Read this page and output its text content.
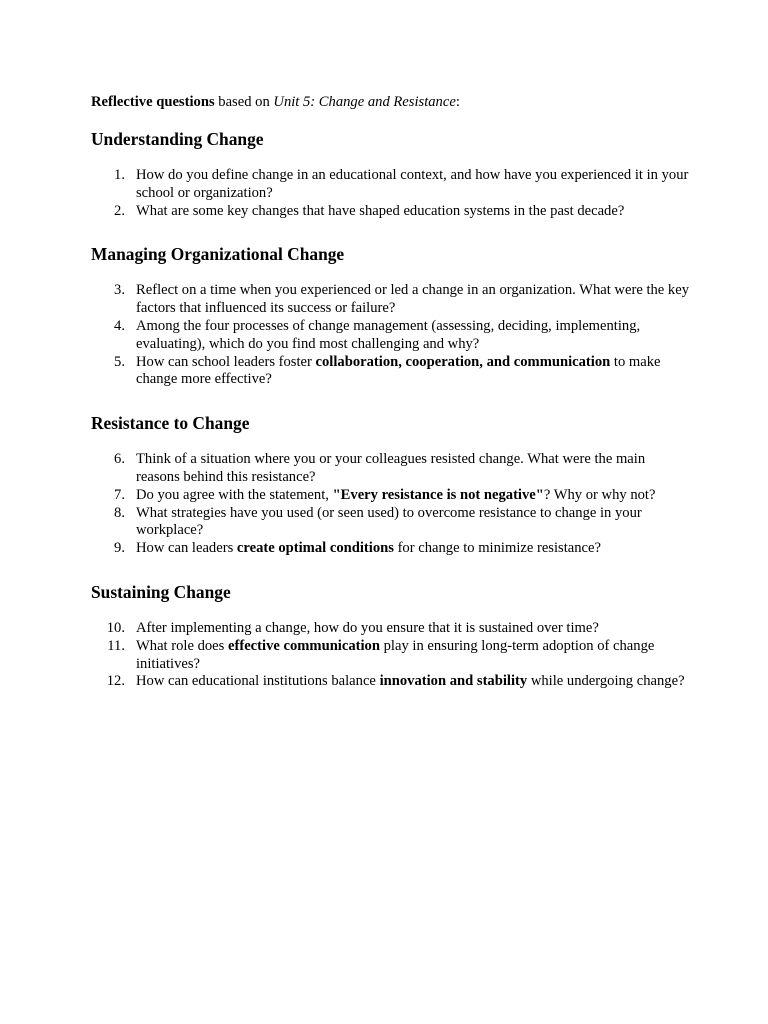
Reflective questions based on Unit 5: Change and Resistance:

Understanding Change
1. How do you define change in an educational context, and how have you experienced it in your school or organization?
2. What are some key changes that have shaped education systems in the past decade?
Managing Organizational Change
3. Reflect on a time when you experienced or led a change in an organization. What were the key factors that influenced its success or failure?
4. Among the four processes of change management (assessing, deciding, implementing, evaluating), which do you find most challenging and why?
5. How can school leaders foster collaboration, cooperation, and communication to make change more effective?
Resistance to Change
6. Think of a situation where you or your colleagues resisted change. What were the main reasons behind this resistance?
7. Do you agree with the statement, "Every resistance is not negative"? Why or why not?
8. What strategies have you used (or seen used) to overcome resistance to change in your workplace?
9. How can leaders create optimal conditions for change to minimize resistance?
Sustaining Change
10. After implementing a change, how do you ensure that it is sustained over time?
11. What role does effective communication play in ensuring long-term adoption of change initiatives?
12. How can educational institutions balance innovation and stability while undergoing change?
